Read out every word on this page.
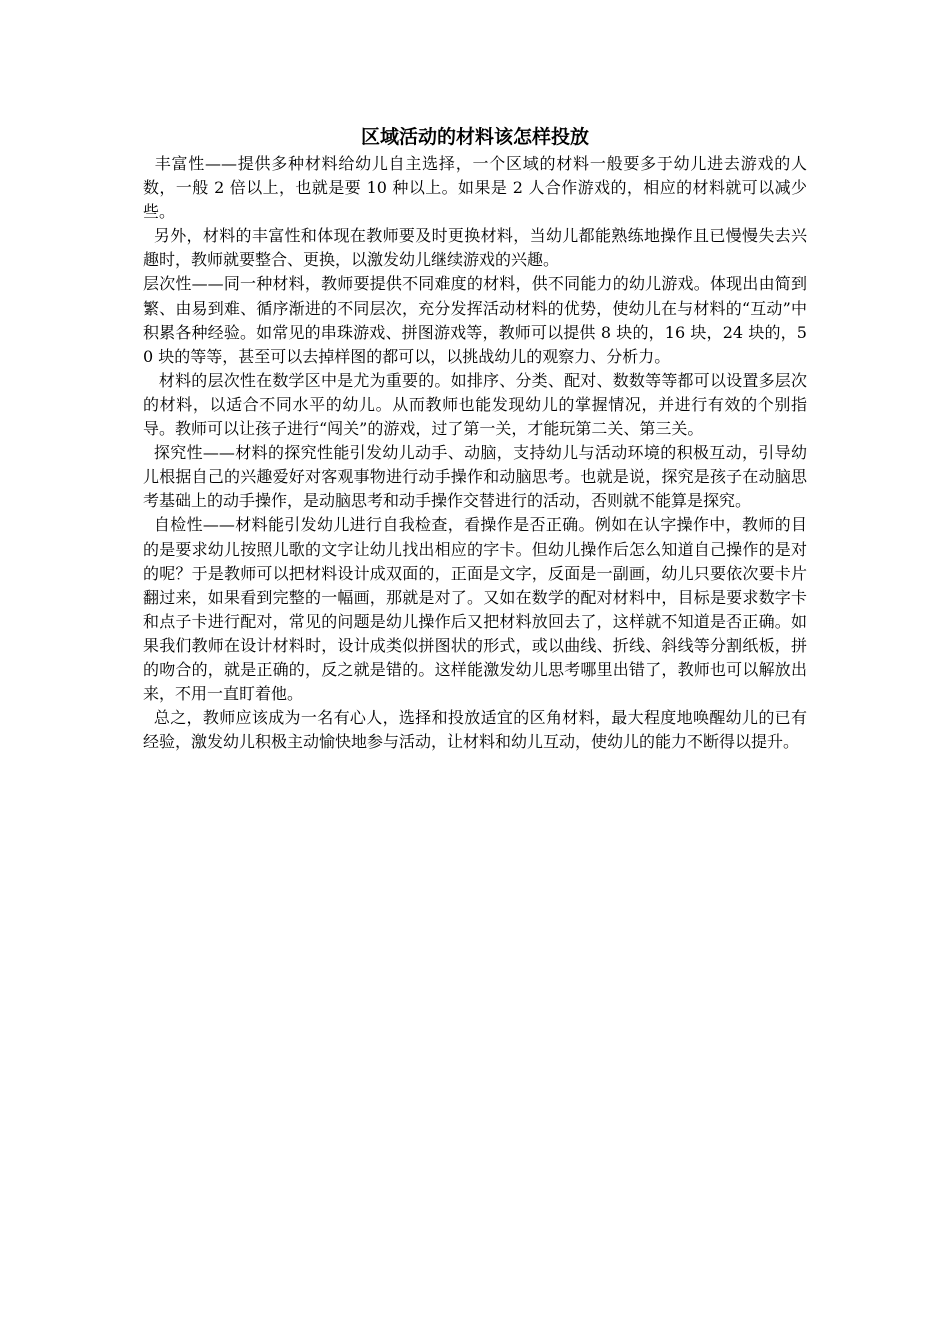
区域活动的材料该怎样投放

丰富性——提供多种材料给幼儿自主选择，一个区域的材料一般要多于幼儿进去游戏的人数，一般 2 倍以上，也就是要 10 种以上。如果是 2 人合作游戏的，相应的材料就可以减少些。

另外，材料的丰富性和体现在教师要及时更换材料，当幼儿都能熟练地操作且已慢慢失去兴趣时，教师就要整合、更换，以激发幼儿继续游戏的兴趣。

层次性——同一种材料，教师要提供不同难度的材料，供不同能力的幼儿游戏。体现出由简到繁、由易到难、循序渐进的不同层次，充分发挥活动材料的优势，使幼儿在与材料的“互动”中积累各种经验。如常见的串珠游戏、拼图游戏等，教师可以提供 8 块的，16 块，24 块的，50 块的等等，甚至可以去掉样图的都可以，以挑战幼儿的观察力、分析力。

材料的层次性在数学区中是尤为重要的。如排序、分类、配对、数数等等都可以设置多层次的材料，以适合不同水平的幼儿。从而教师也能发现幼儿的掌握情况，并进行有效的个别指导。教师可以让孩子进行“闯关”的游戏，过了第一关，才能玩第二关、第三关。

探究性——材料的探究性能引发幼儿动手、动脑，支持幼儿与活动环境的积极互动，引导幼儿根据自己的兴趣爱好对客观事物进行动手操作和动脑思考。也就是说，探究是孩子在动脑思考基础上的动手操作，是动脑思考和动手操作交替进行的活动，否则就不能算是探究。

自检性——材料能引发幼儿进行自我检查，看操作是否正确。例如在认字操作中，教师的目的是要求幼儿按照儿歌的文字让幼儿找出相应的字卡。但幼儿操作后怎么知道自己操作的是对的呢？于是教师可以把材料设计成双面的，正面是文字，反面是一副画，幼儿只要依次要卡片翻过来，如果看到完整的一幅画，那就是对了。又如在数学的配对材料中，目标是要求数字卡和点子卡进行配对，常见的问题是幼儿操作后又把材料放回去了，这样就不知道是否正确。如果我们教师在设计材料时，设计成类似拼图状的形式，或以曲线、折线、斜线等分割纸板，拼的吻合的，就是正确的，反之就是错的。这样能激发幼儿思考哪里出错了，教师也可以解放出来，不用一直盯着他。

总之，教师应该成为一名有心人，选择和投放适宜的区角材料，最大程度地唤醒幼儿的已有经验，激发幼儿积极主动愉快地参与活动，让材料和幼儿互动，使幼儿的能力不断得以提升。
